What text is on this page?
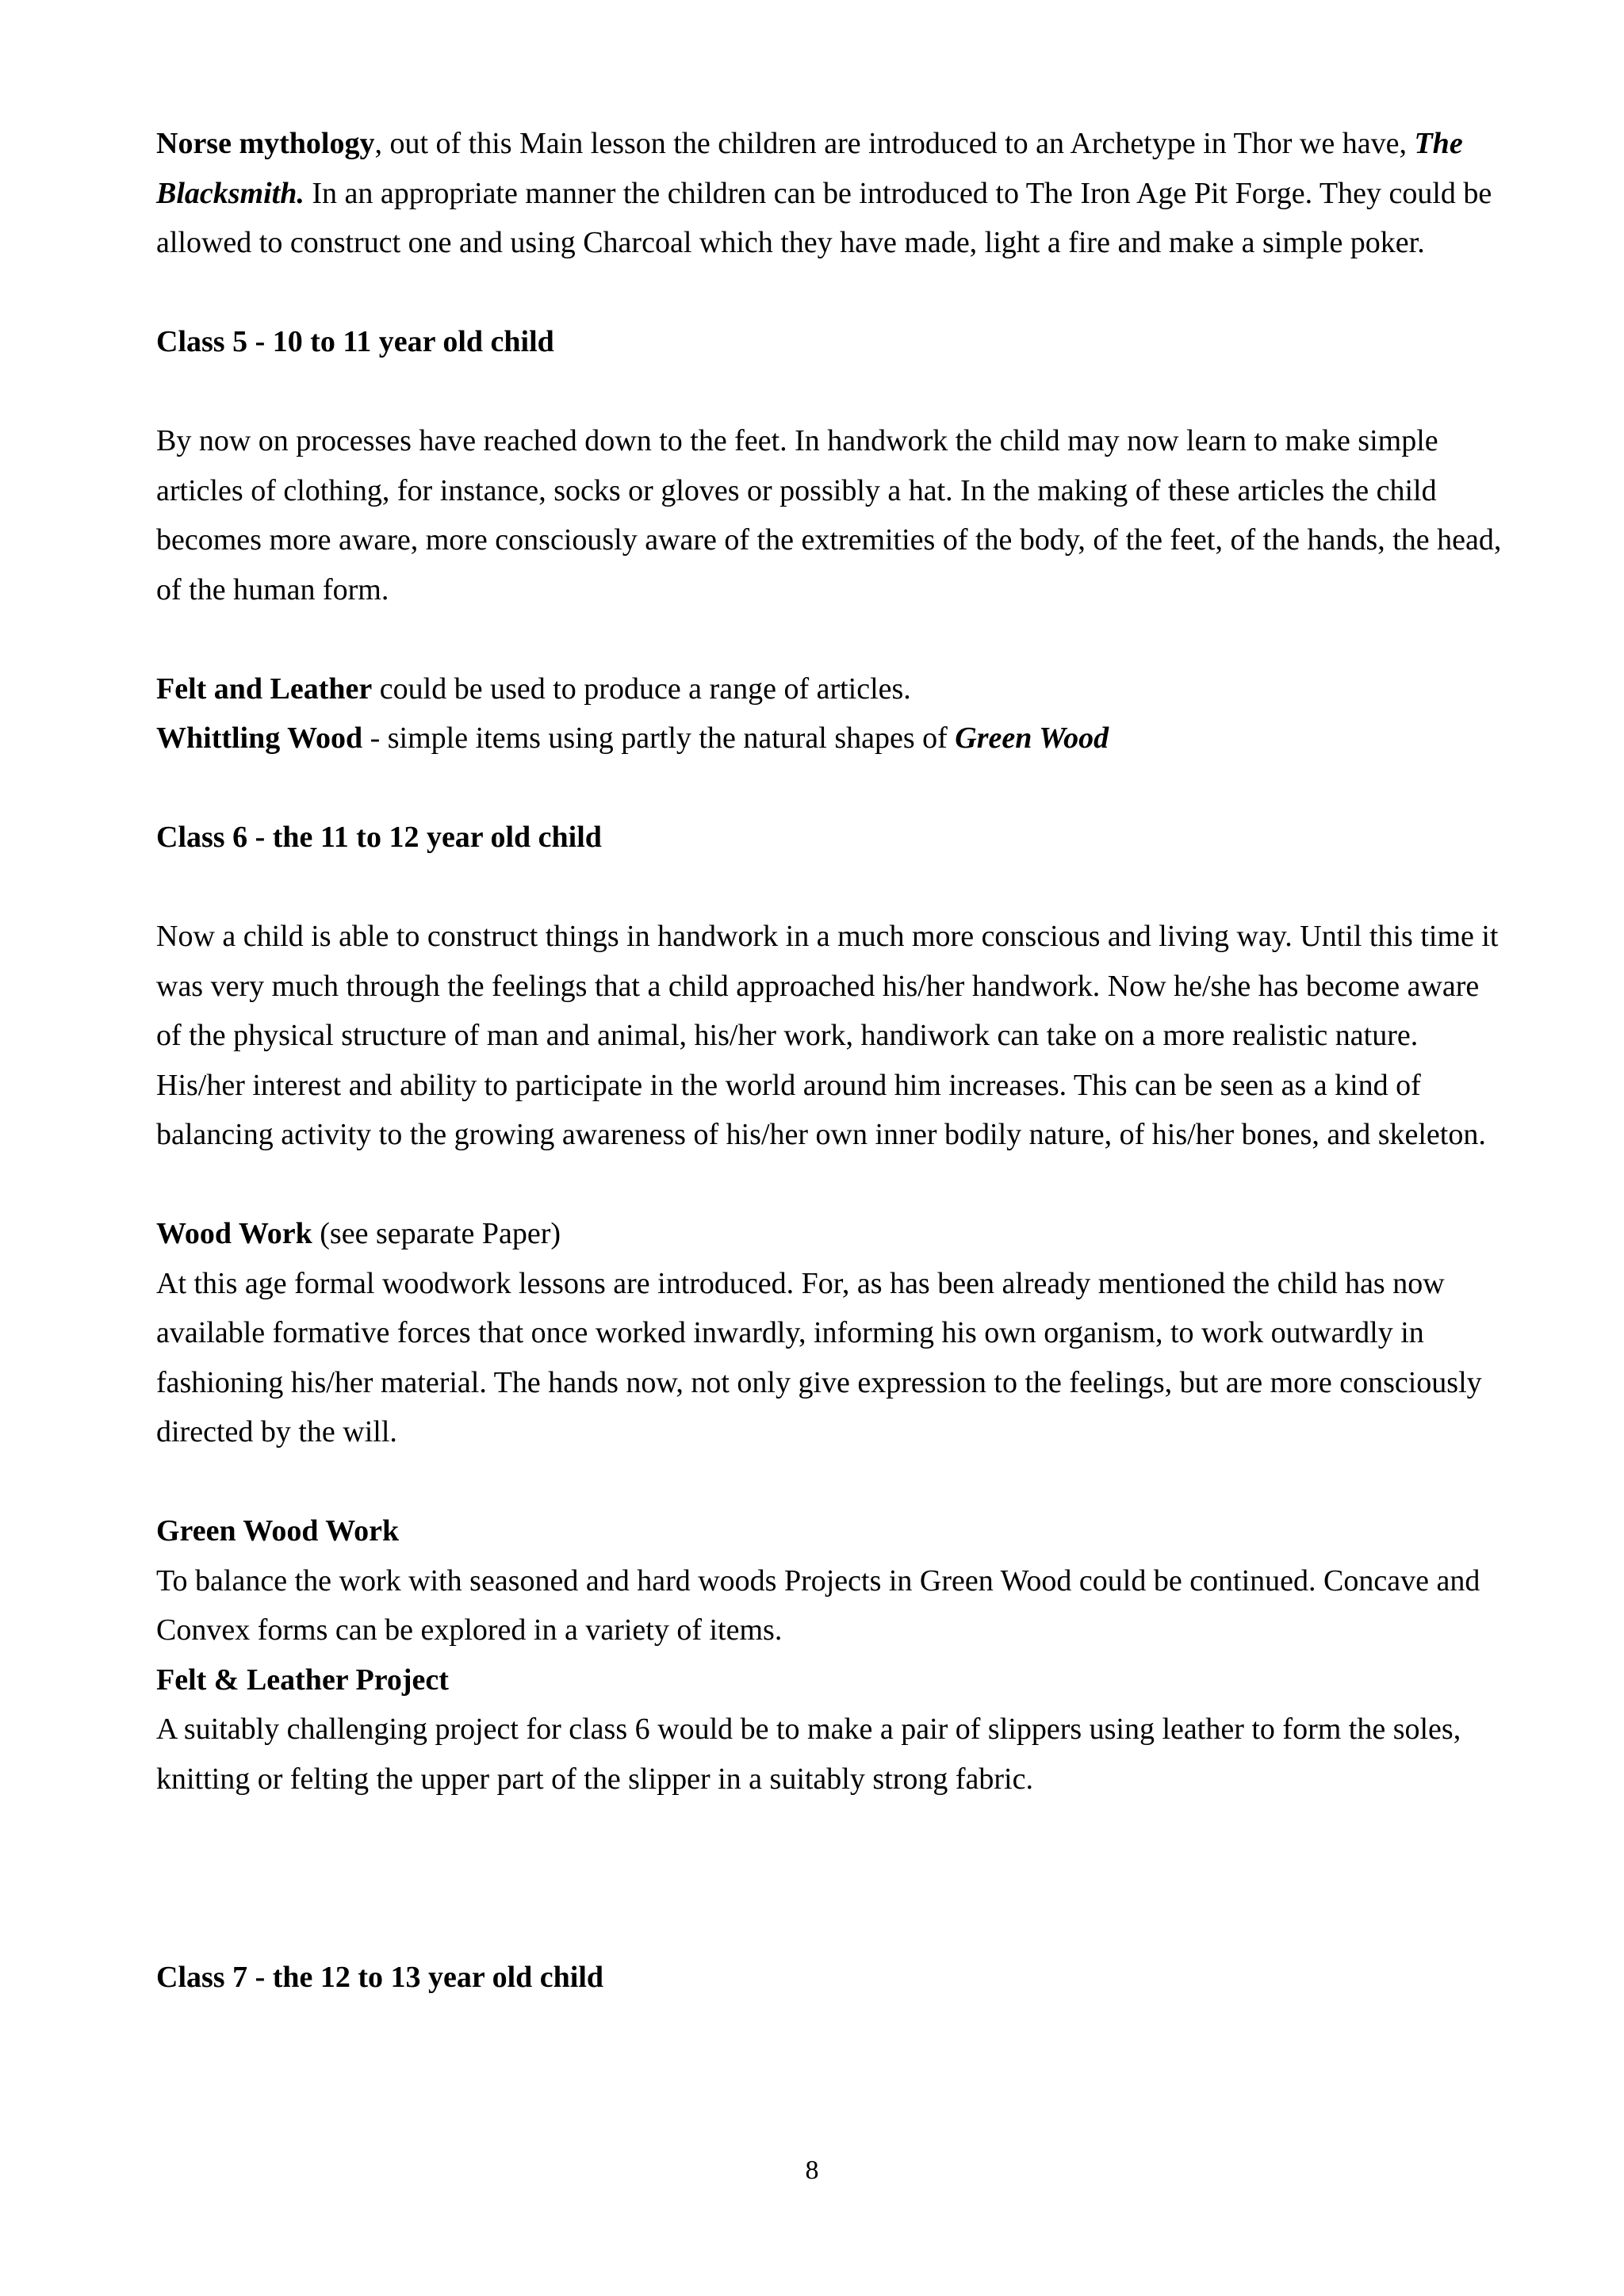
Norse mythology, out of this Main lesson the children are introduced to an Archetype in Thor we have, The Blacksmith. In an appropriate manner the children can be introduced to The Iron Age Pit Forge. They could be allowed to construct one and using Charcoal which they have made, light a fire and make a simple poker.

Class 5 - 10 to 11 year old child

By now on processes have reached down to the feet. In handwork the child may now learn to make simple articles of clothing, for instance, socks or gloves or possibly a hat. In the making of these articles the child becomes more aware, more consciously aware of the extremities of the body, of the feet, of the hands, the head, of the human form.

Felt and Leather could be used to produce a range of articles.

Whittling Wood - simple items using partly the natural shapes of Green Wood

Class 6 - the 11 to 12 year old child

Now a child is able to construct things in handwork in a much more conscious and living way. Until this time it was very much through the feelings that a child approached his/her handwork. Now he/she has become aware of the physical structure of man and animal, his/her work, handiwork can take on a more realistic nature. His/her interest and ability to participate in the world around him increases. This can be seen as a kind of balancing activity to the growing awareness of his/her own inner bodily nature, of his/her bones, and skeleton.

Wood Work (see separate Paper)

At this age formal woodwork lessons are introduced. For, as has been already mentioned the child has now available formative forces that once worked inwardly, informing his own organism, to work outwardly in fashioning his/her material. The hands now, not only give expression to the feelings, but are more consciously directed by the will.

Green Wood Work

To balance the work with seasoned and hard woods Projects in Green Wood could be continued. Concave and Convex forms can be explored in a variety of items.

Felt & Leather Project

A suitably challenging project for class 6 would be to make a pair of slippers using leather to form the soles, knitting or felting the upper part of the slipper in a suitably strong fabric.

Class 7 - the 12 to 13 year old child

8
